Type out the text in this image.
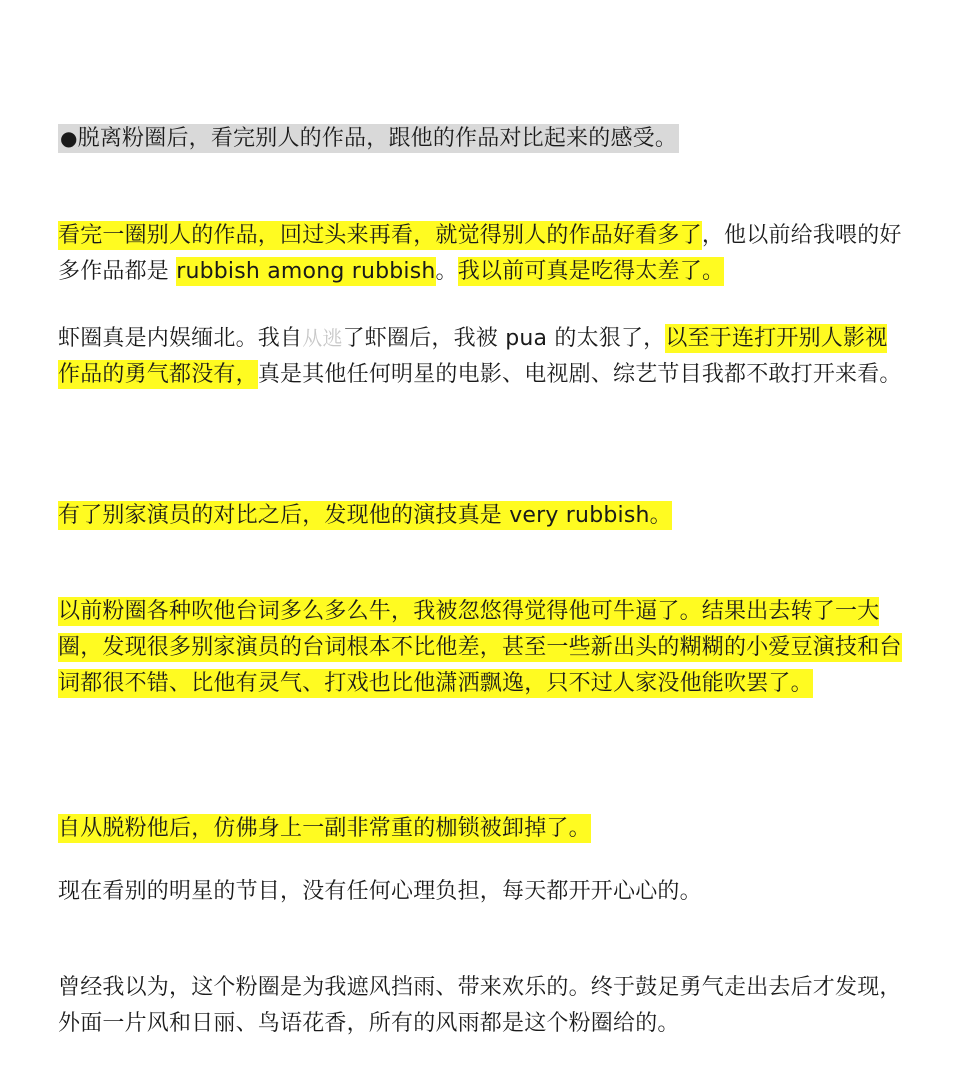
●脱离粉圈后，看完别人的作品，跟他的作品对比起来的感受。

看完一圈别人的作品，回过头来再看，就觉得别人的作品好看多了，他以前给我喂的好多作品都是 rubbish among rubbish。我以前可真是吃得太差了。

虾圈真是内娱缅北。我自从逃了虾圈后，我被 pua 的太狠了，以至于连打开别人影视作品的勇气都没有，真是其他任何明星的电影、电视剧、综艺节目我都不敢打开来看。

有了别家演员的对比之后，发现他的演技真是 very rubbish。

以前粉圈各种吹他台词多么多么牛，我被忽悠得觉得他可牛逼了。结果出去转了一大圈，发现很多别家演员的台词根本不比他差，甚至一些新出头的糊糊的小爱豆演技和台词都很不错、比他有灵气、打戏也比他潇洒飘逸，只不过人家没他能吹罢了。

自从脱粉他后，仿佛身上一副非常重的枷锁被卸掉了。

现在看别的明星的节目，没有任何心理负担，每天都开开心心的。

曾经我以为，这个粉圈是为我遮风挡雨、带来欢乐的。终于鼓足勇气走出去后才发现，外面一片风和日丽、鸟语花香，所有的风雨都是这个粉圈给的。
